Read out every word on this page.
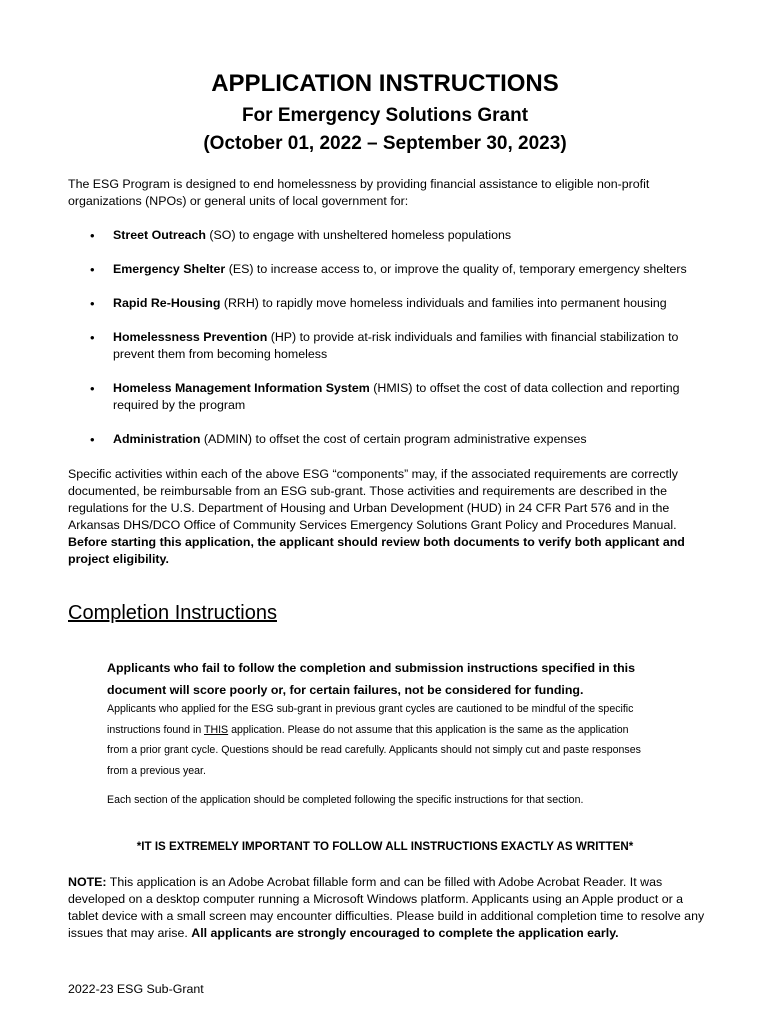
APPLICATION INSTRUCTIONS
For Emergency Solutions Grant
(October 01, 2022 – September 30, 2023)

The ESG Program is designed to end homelessness by providing financial assistance to eligible non-profit organizations (NPOs) or general units of local government for:

• Street Outreach (SO) to engage with unsheltered homeless populations
• Emergency Shelter (ES) to increase access to, or improve the quality of, temporary emergency shelters
• Rapid Re-Housing (RRH) to rapidly move homeless individuals and families into permanent housing
• Homelessness Prevention (HP) to provide at-risk individuals and families with financial stabilization to prevent them from becoming homeless
• Homeless Management Information System (HMIS) to offset the cost of data collection and reporting required by the program
• Administration (ADMIN) to offset the cost of certain program administrative expenses

Specific activities within each of the above ESG “components” may, if the associated requirements are correctly documented, be reimbursable from an ESG sub-grant. Those activities and requirements are described in the regulations for the U.S. Department of Housing and Urban Development (HUD) in 24 CFR Part 576 and in the Arkansas DHS/DCO Office of Community Services Emergency Solutions Grant Policy and Procedures Manual. Before starting this application, the applicant should review both documents to verify both applicant and project eligibility.

Completion Instructions

Applicants who fail to follow the completion and submission instructions specified in this document will score poorly or, for certain failures, not be considered for funding.

Applicants who applied for the ESG sub-grant in previous grant cycles are cautioned to be mindful of the specific instructions found in THIS application. Please do not assume that this application is the same as the application from a prior grant cycle. Questions should be read carefully. Applicants should not simply cut and paste responses from a previous year.

Each section of the application should be completed following the specific instructions for that section.

*IT IS EXTREMELY IMPORTANT TO FOLLOW ALL INSTRUCTIONS EXACTLY AS WRITTEN*

NOTE: This application is an Adobe Acrobat fillable form and can be filled with Adobe Acrobat Reader. It was developed on a desktop computer running a Microsoft Windows platform. Applicants using an Apple product or a tablet device with a small screen may encounter difficulties. Please build in additional completion time to resolve any issues that may arise. All applicants are strongly encouraged to complete the application early.

2022-23 ESG Sub-Grant
